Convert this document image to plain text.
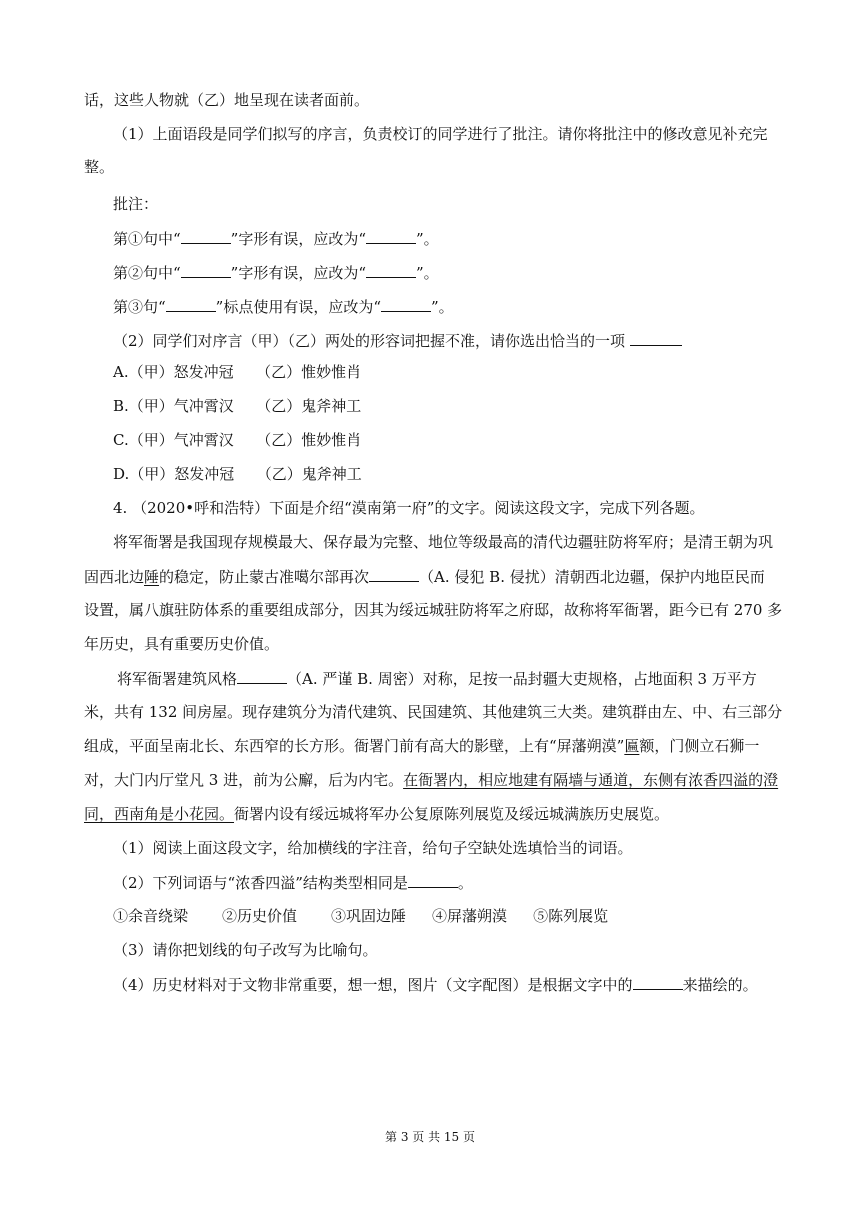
话，这些人物就（乙）地呈现在读者面前。
（1）上面语段是同学们拟写的序言，负责校订的同学进行了批注。请你将批注中的修改意见补充完
整。
批注：
第①句中“	”字形有误，应改为“	”。
第②句中“	”字形有误，应改为“	”。
第③句“	”标点使用有误，应改为“	”。
（2）同学们对序言（甲）（乙）两处的形容词把握不准，请你选出恰当的一项
A.（甲）怒发冲冠　　（乙）惟妙惟肖
B.（甲）气冲霄汉　　（乙）鬼斧神工
C.（甲）气冲霄汉　　（乙）惟妙惟肖
D.（甲）怒发冲冠　　（乙）鬼斧神工
4. （2020•呼和浩特）下面是介绍“漠南第一府”的文字。阅读这段文字，完成下列各题。
将军衙署是我国现存规模最大、保存最为完整、地位等级最高的清代边疆驻防将军府；是清王朝为巩
固西北边陲的稳定，防止蒙古准噶尔部再次	（A. 侵犯 B. 侵扰）清朝西北边疆，保护内地臣民而
设置，属八旗驻防体系的重要组成部分，因其为绥远城驻防将军之府邸，故称将军衙署，距今已有 270 多
年历史，具有重要历史价值。
将军衙署建筑风格	（A. 严谨 B. 周密）对称，足按一品封疆大吏规格，占地面积 3 万平方
米，共有 132 间房屋。现存建筑分为清代建筑、民国建筑、其他建筑三大类。建筑群由左、中、右三部分
组成，平面呈南北长、东西窄的长方形。衙署门前有高大的影壁，上有“屏藩朔漠”匾额，门侧立石狮一
对，大门内厅堂凡 3 进，前为公廨，后为内宅。在衙署内，相应地建有隔墙与通道，东侧有浓香四溢的澄
同，西南角是小花园。衙署内设有绥远城将军办公复原陈列展览及绥远城满族历史展览。
（1）阅读上面这段文字，给加横线的字注音，给句子空缺处选填恰当的词语。
（2）下列词语与“浓香四溢”结构类型相同是	。
①余音绕梁 ②历史价值 ③巩固边陲 ④屏藩朔漠 ⑤陈列展览
（3）请你把划线的句子改写为比喻句。
（4）历史材料对于文物非常重要，想一想，图片（文字配图）是根据文字中的	来描绘的。
第 3 页 共 15 页
